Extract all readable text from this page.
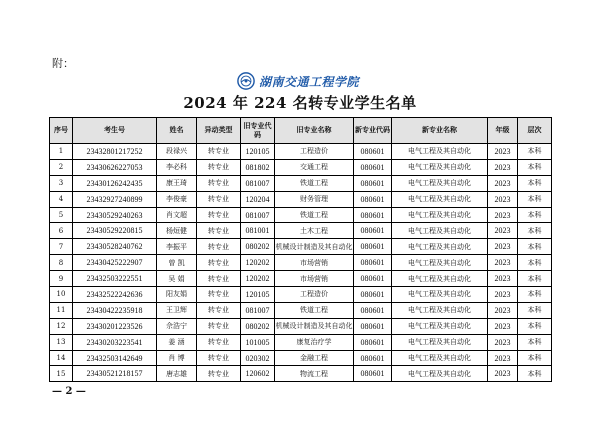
附：
湖南交通工程学院
2024 年 224 名转专业学生名单
序号	考生号	姓名	异动类型	旧专业代码	旧专业名称	新专业代码	新专业名称	年级	层次
1	23432801217252	段禄兴	转专业	120105	工程造价	080601	电气工程及其自动化	2023	本科
2	23430626227053	李必科	转专业	081802	交通工程	080601	电气工程及其自动化	2023	本科
3	23430126242435	康王琦	转专业	081007	铁道工程	080601	电气工程及其自动化	2023	本科
4	23432927240899	李俊豪	转专业	120204	财务管理	080601	电气工程及其自动化	2023	本科
5	23430529240263	肖文超	转专业	081007	铁道工程	080601	电气工程及其自动化	2023	本科
6	23430529220815	杨烜健	转专业	081001	土木工程	080601	电气工程及其自动化	2023	本科
7	23430528240762	李振平	转专业	080202	机械设计制造及其自动化	080601	电气工程及其自动化	2023	本科
8	23430425222907	曾 凯	转专业	120202	市场营销	080601	电气工程及其自动化	2023	本科
9	23432503222551	吴 娟	转专业	120202	市场营销	080601	电气工程及其自动化	2023	本科
10	23432522242636	阳友娟	转专业	120105	工程造价	080601	电气工程及其自动化	2023	本科
11	23430422235918	王卫辉	转专业	081007	铁道工程	080601	电气工程及其自动化	2023	本科
12	23430201223526	佘浩宁	转专业	080202	机械设计制造及其自动化	080601	电气工程及其自动化	2023	本科
13	23430203223541	姜 涵	转专业	101005	康复治疗学	080601	电气工程及其自动化	2023	本科
14	23432503142649	肖 博	转专业	020302	金融工程	080601	电气工程及其自动化	2023	本科
15	23430521218157	唐志雄	转专业	120602	物流工程	080601	电气工程及其自动化	2023	本科
— 2 —
